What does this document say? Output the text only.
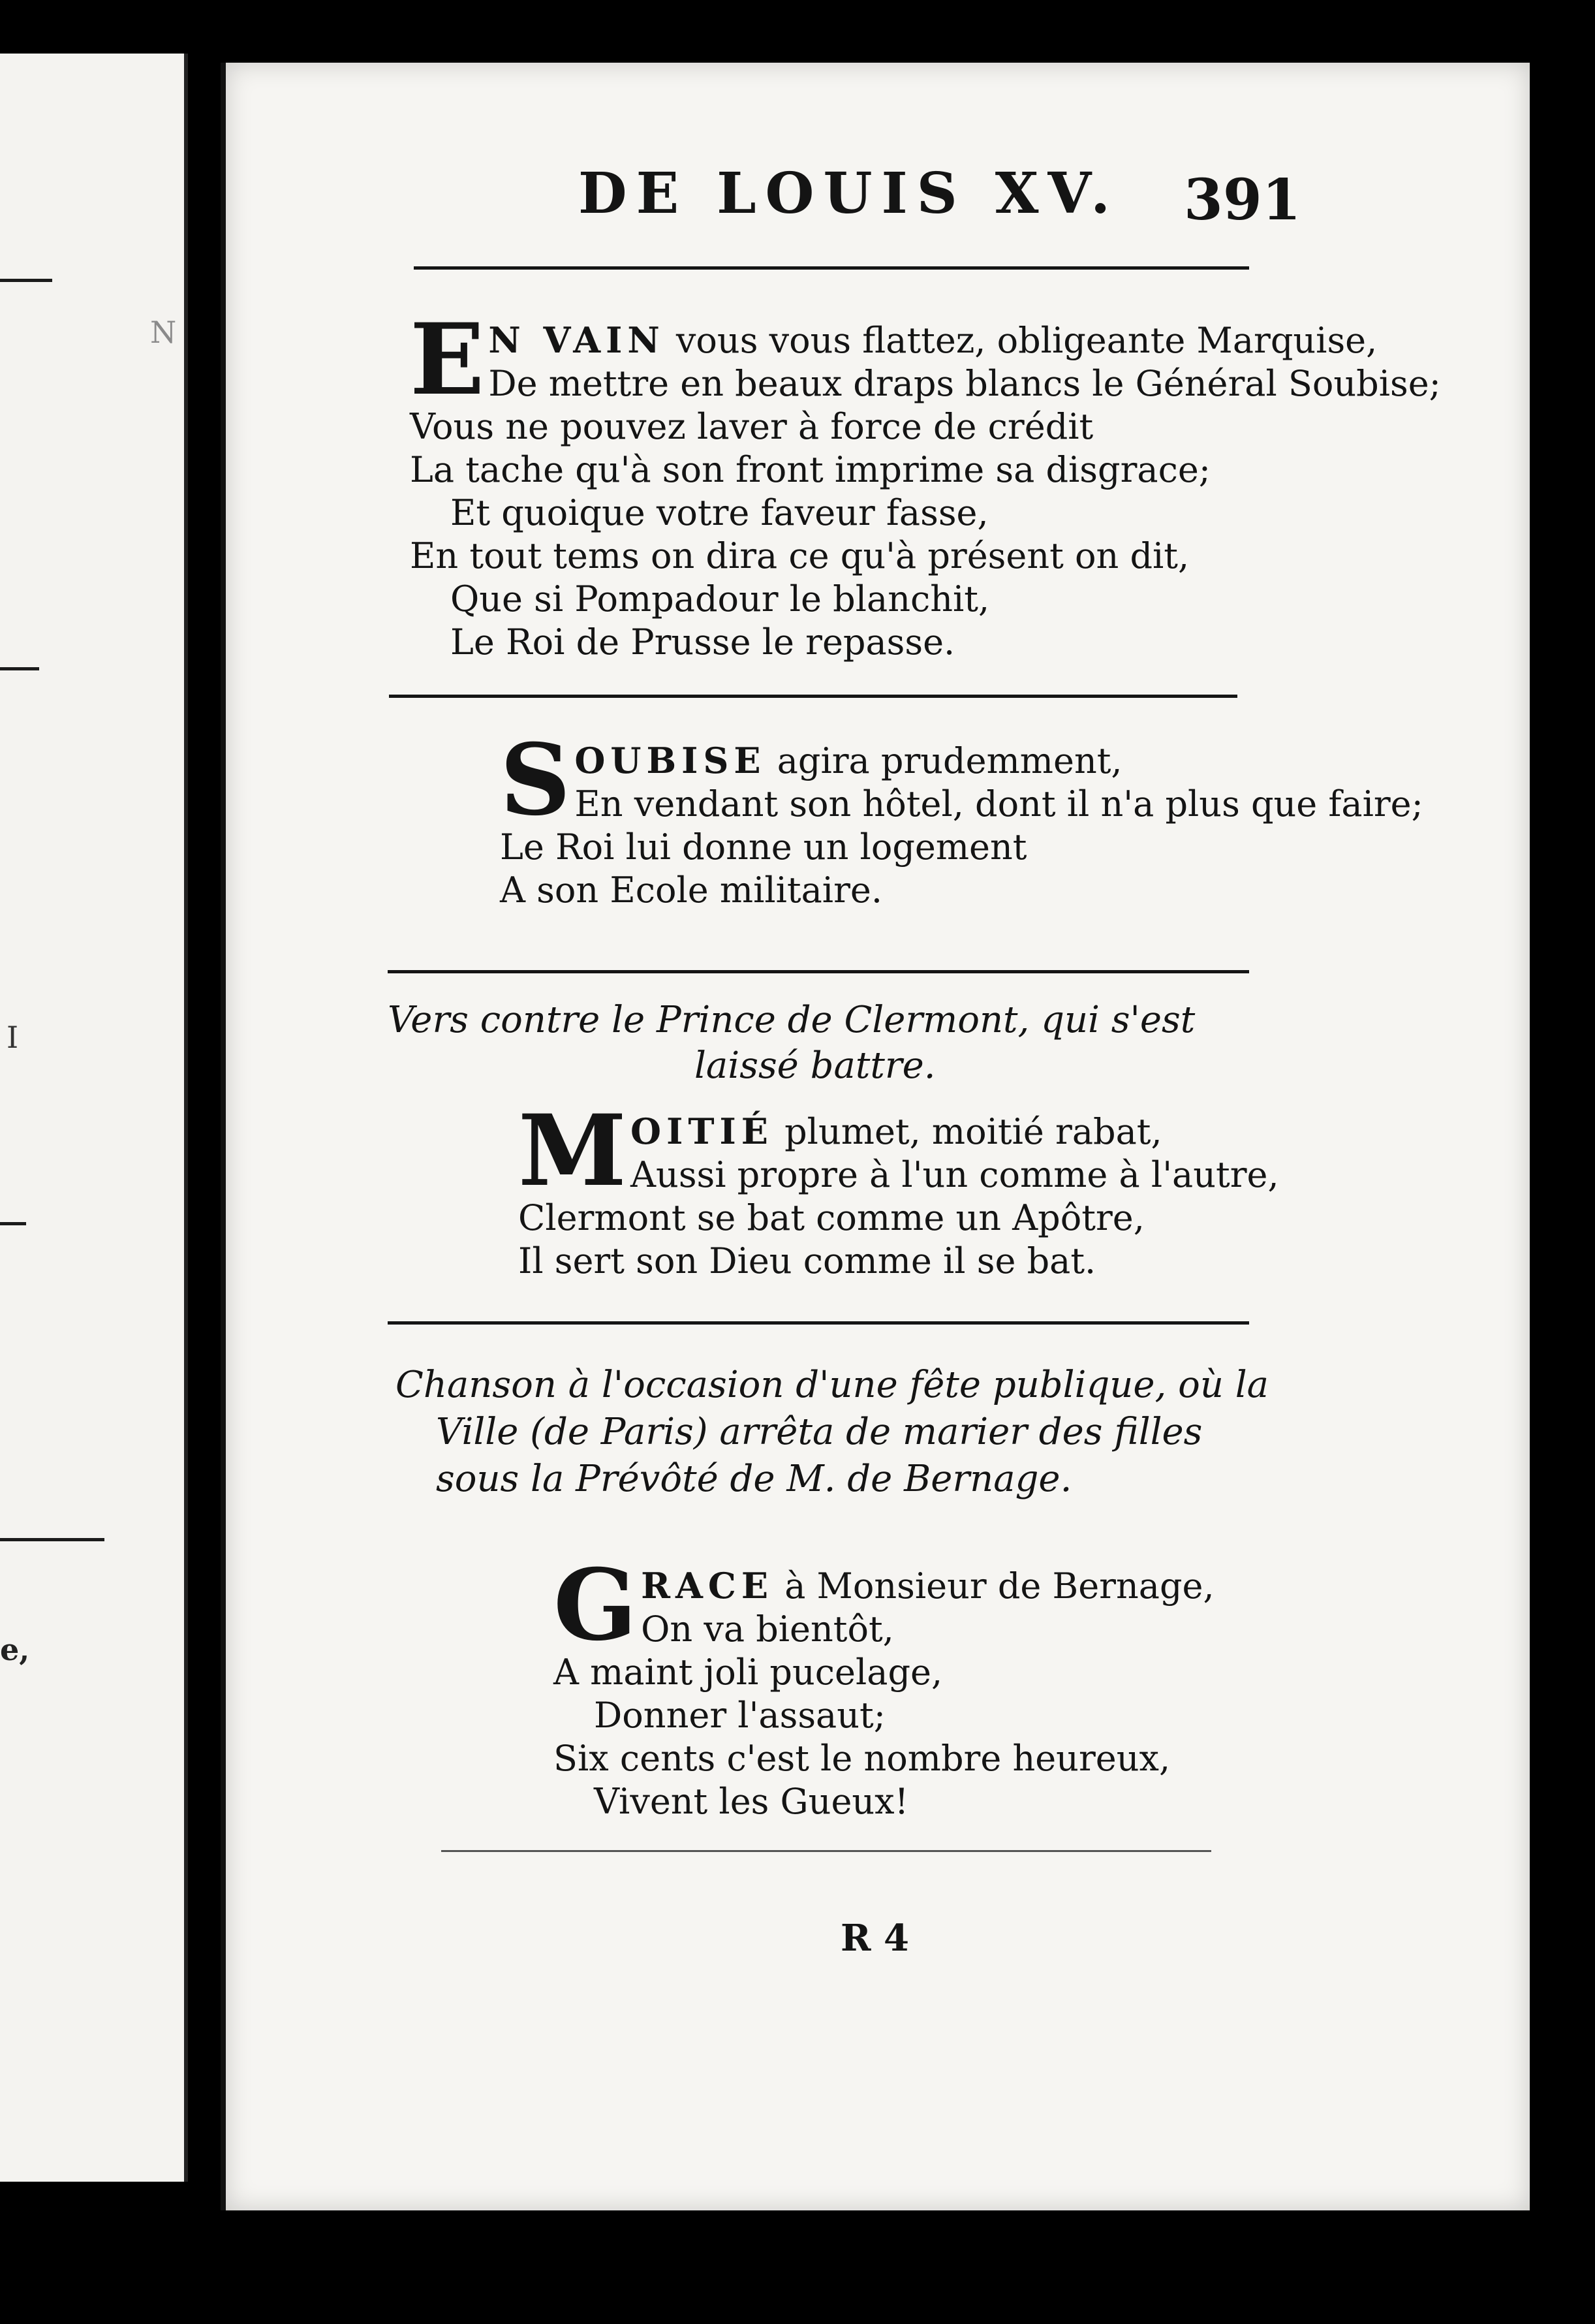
N
I
e,
DE LOUIS XV. 391
E N VAIN vous vous flattez, obligeante Marquise,
De mettre en beaux draps blancs le Général Soubise;
Vous ne pouvez laver à force de crédit
La tache qu'à son front imprime sa disgrace;
Et quoique votre faveur fasse,
En tout tems on dira ce qu'à présent on dit,
Que si Pompadour le blanchit,
Le Roi de Prusse le repasse.
SOUBISE agira prudemment,
En vendant son hôtel, dont il n'a plus que faire;
Le Roi lui donne un logement
A son Ecole militaire.
Vers contre le Prince de Clermont, qui s'est
laissé battre.
MOITIÉ plumet, moitié rabat,
Aussi propre à l'un comme à l'autre,
Clermont se bat comme un Apôtre,
Il sert son Dieu comme il se bat.
Chanson à l'occasion d'une fête publique, où la
Ville (de Paris) arrêta de marier des filles
sous la Prévôté de M. de Bernage.
GRACE à Monsieur de Bernage,
On va bientôt,
A maint joli pucelage,
Donner l'assaut;
Six cents c'est le nombre heureux,
Vivent les Gueux!
R 4
